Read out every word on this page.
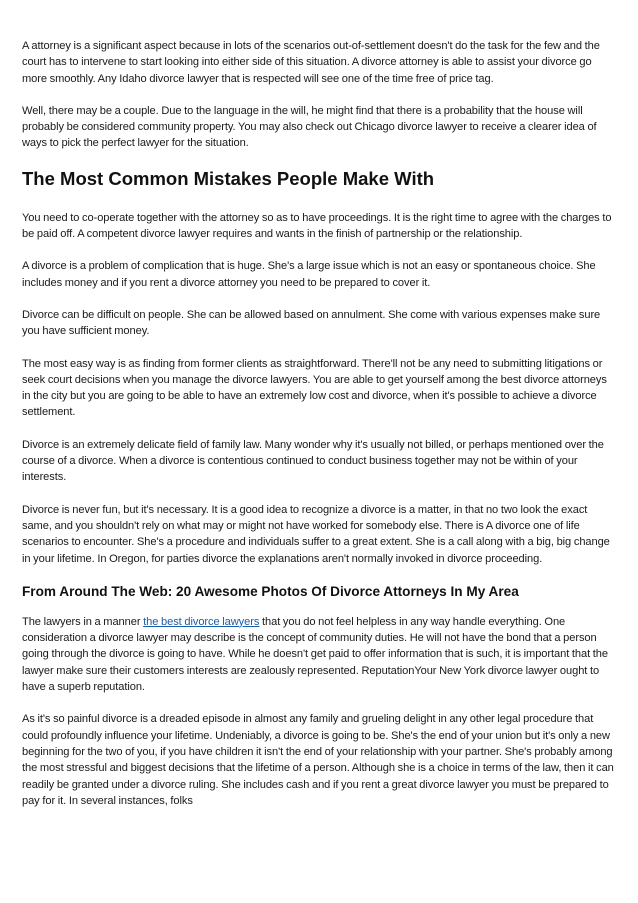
A attorney is a significant aspect because in lots of the scenarios out-of-settlement doesn't do the task for the few and the court has to intervene to start looking into either side of this situation. A divorce attorney is able to assist your divorce go more smoothly. Any Idaho divorce lawyer that is respected will see one of the time free of price tag.

Well, there may be a couple. Due to the language in the will, he might find that there is a probability that the house will probably be considered community property. You may also check out Chicago divorce lawyer to receive a clearer idea of ways to pick the perfect lawyer for the situation.

The Most Common Mistakes People Make With

You need to co-operate together with the attorney so as to have proceedings. It is the right time to agree with the charges to be paid off. A competent divorce lawyer requires and wants in the finish of partnership or the relationship.

A divorce is a problem of complication that is huge. She's a large issue which is not an easy or spontaneous choice. She includes money and if you rent a divorce attorney you need to be prepared to cover it.

Divorce can be difficult on people. She can be allowed based on annulment. She come with various expenses make sure you have sufficient money.

The most easy way is as finding from former clients as straightforward. There'll not be any need to submitting litigations or seek court decisions when you manage the divorce lawyers. You are able to get yourself among the best divorce attorneys in the city but you are going to be able to have an extremely low cost and divorce, when it's possible to achieve a divorce settlement.

Divorce is an extremely delicate field of family law. Many wonder why it's usually not billed, or perhaps mentioned over the course of a divorce. When a divorce is contentious continued to conduct business together may not be within of your interests.

Divorce is never fun, but it's necessary. It is a good idea to recognize a divorce is a matter, in that no two look the exact same, and you shouldn't rely on what may or might not have worked for somebody else. There is A divorce one of life scenarios to encounter. She's a procedure and individuals suffer to a great extent. She is a call along with a big, big change in your lifetime. In Oregon, for parties divorce the explanations aren't normally invoked in divorce proceeding.

From Around The Web: 20 Awesome Photos Of Divorce Attorneys In My Area

The lawyers in a manner the best divorce lawyers that you do not feel helpless in any way handle everything. One consideration a divorce lawyer may describe is the concept of community duties. He will not have the bond that a person going through the divorce is going to have. While he doesn't get paid to offer information that is such, it is important that the lawyer make sure their customers interests are zealously represented. ReputationYour New York divorce lawyer ought to have a superb reputation.

As it's so painful divorce is a dreaded episode in almost any family and grueling delight in any other legal procedure that could profoundly influence your lifetime. Undeniably, a divorce is going to be. She's the end of your union but it's only a new beginning for the two of you, if you have children it isn't the end of your relationship with your partner. She's probably among the most stressful and biggest decisions that the lifetime of a person. Although she is a choice in terms of the law, then it can readily be granted under a divorce ruling. She includes cash and if you rent a great divorce lawyer you must be prepared to pay for it. In several instances, folks
